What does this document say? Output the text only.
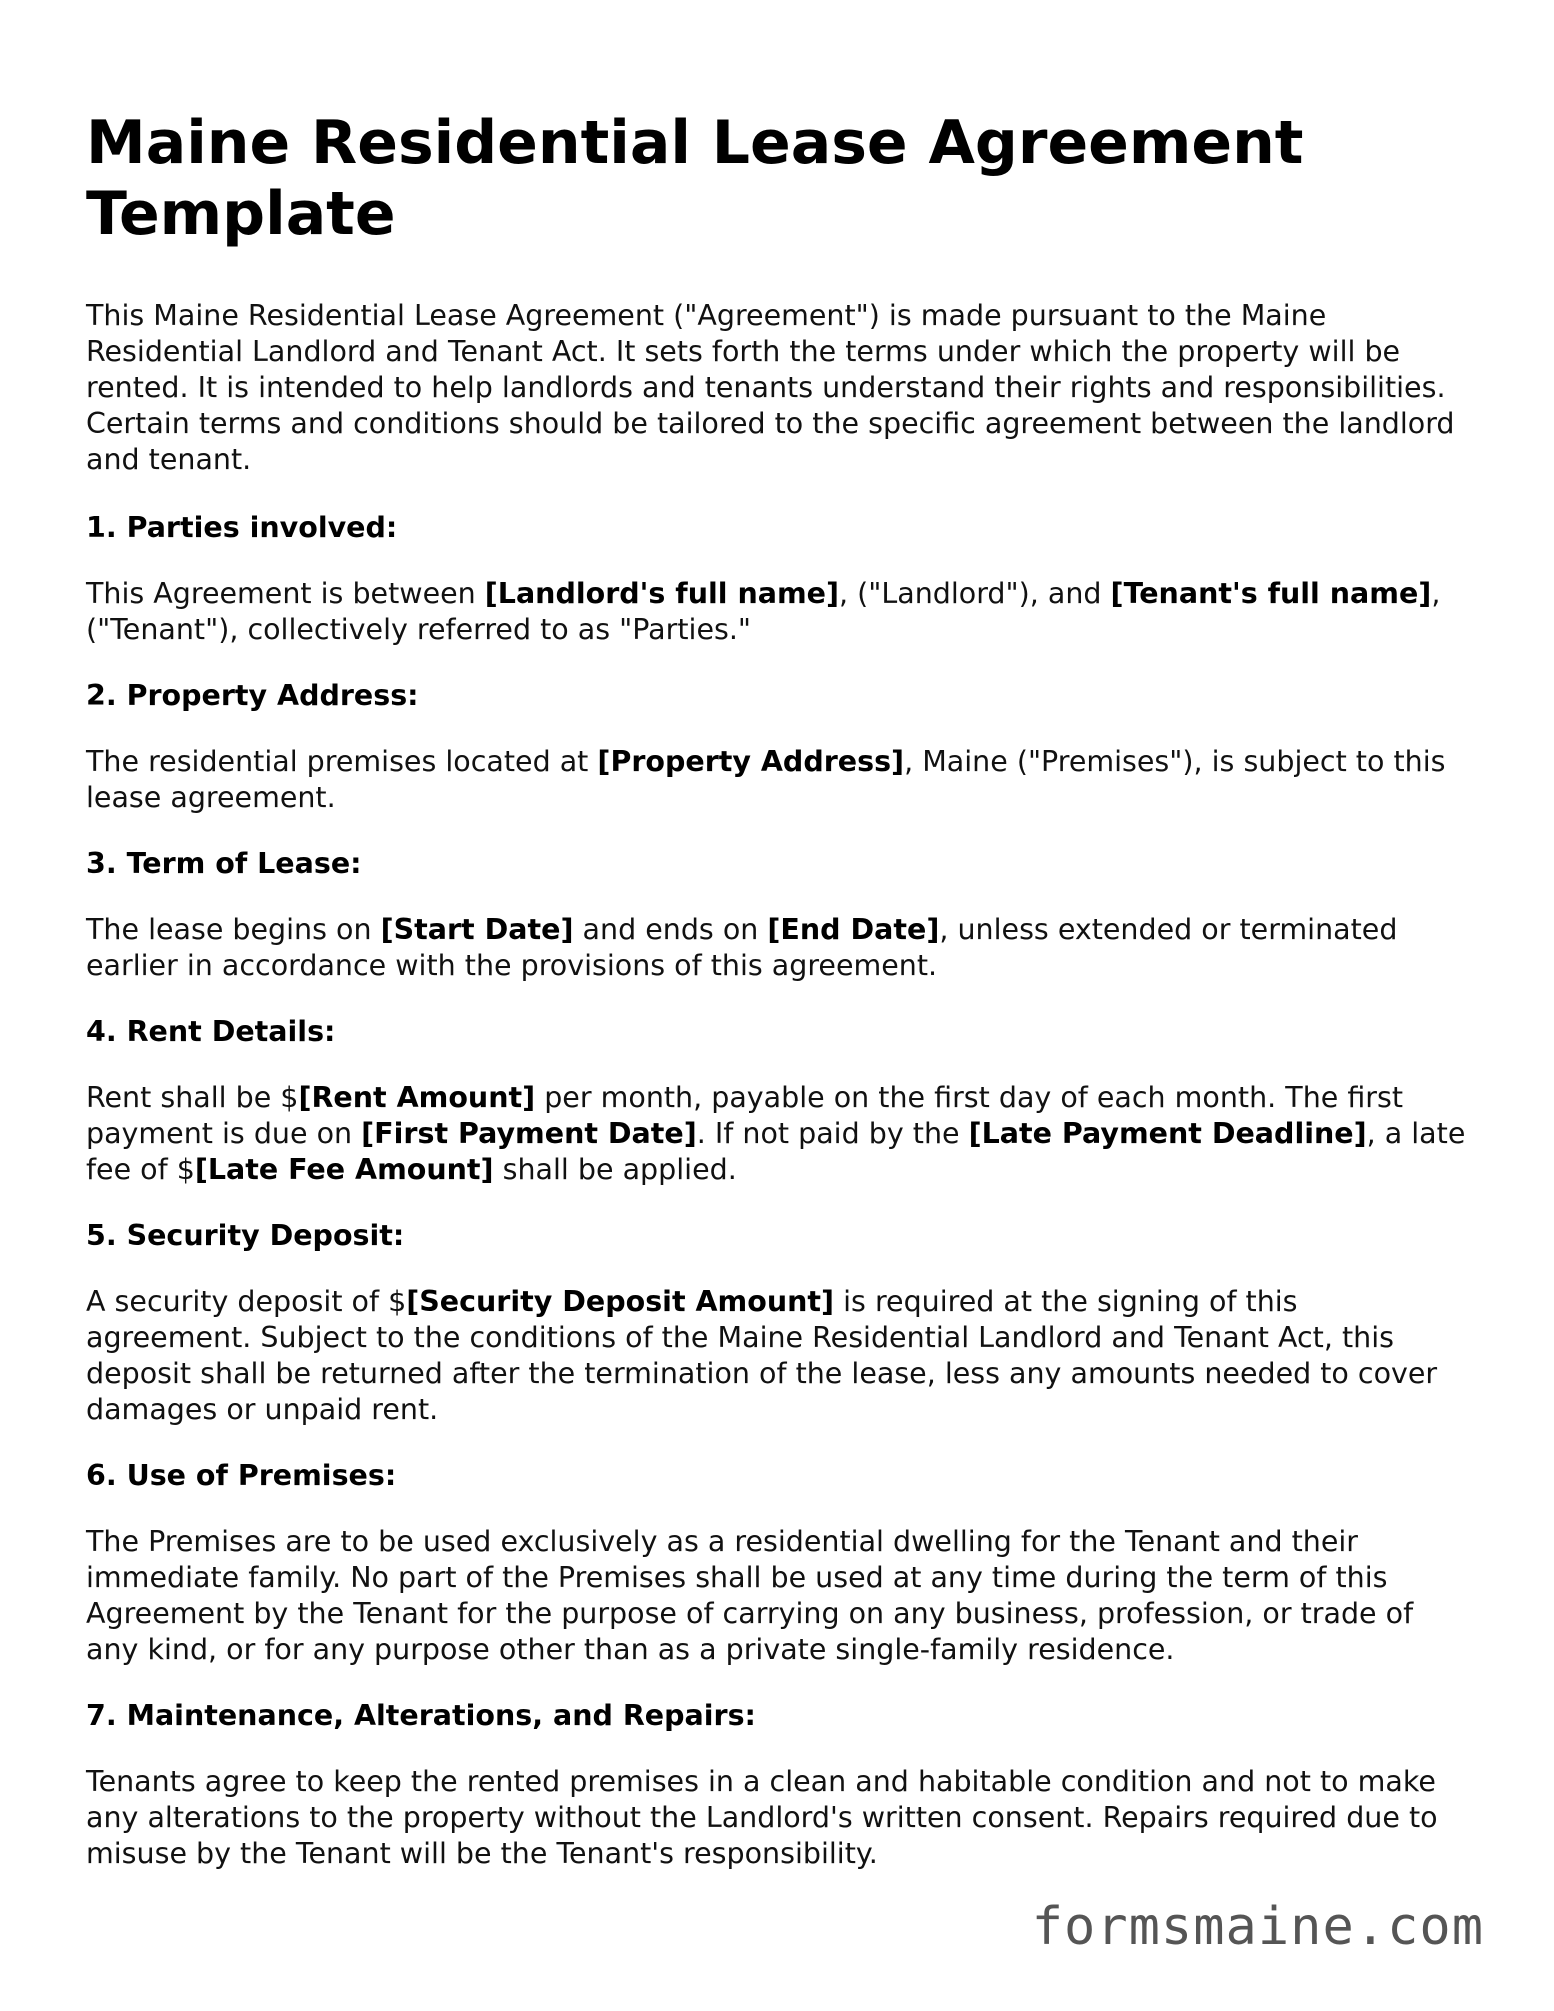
Maine Residential Lease Agreement Template

This Maine Residential Lease Agreement ("Agreement") is made pursuant to the Maine Residential Landlord and Tenant Act. It sets forth the terms under which the property will be rented. It is intended to help landlords and tenants understand their rights and responsibilities. Certain terms and conditions should be tailored to the specific agreement between the landlord and tenant.

1. Parties involved:

This Agreement is between [Landlord's full name], ("Landlord"), and [Tenant's full name], ("Tenant"), collectively referred to as "Parties."

2. Property Address:

The residential premises located at [Property Address], Maine ("Premises"), is subject to this lease agreement.

3. Term of Lease:

The lease begins on [Start Date] and ends on [End Date], unless extended or terminated earlier in accordance with the provisions of this agreement.

4. Rent Details:

Rent shall be $[Rent Amount] per month, payable on the first day of each month. The first payment is due on [First Payment Date]. If not paid by the [Late Payment Deadline], a late fee of $[Late Fee Amount] shall be applied.

5. Security Deposit:

A security deposit of $[Security Deposit Amount] is required at the signing of this agreement. Subject to the conditions of the Maine Residential Landlord and Tenant Act, this deposit shall be returned after the termination of the lease, less any amounts needed to cover damages or unpaid rent.

6. Use of Premises:

The Premises are to be used exclusively as a residential dwelling for the Tenant and their immediate family. No part of the Premises shall be used at any time during the term of this Agreement by the Tenant for the purpose of carrying on any business, profession, or trade of any kind, or for any purpose other than as a private single-family residence.

7. Maintenance, Alterations, and Repairs:

Tenants agree to keep the rented premises in a clean and habitable condition and not to make any alterations to the property without the Landlord's written consent. Repairs required due to misuse by the Tenant will be the Tenant's responsibility.

formsmaine.com
